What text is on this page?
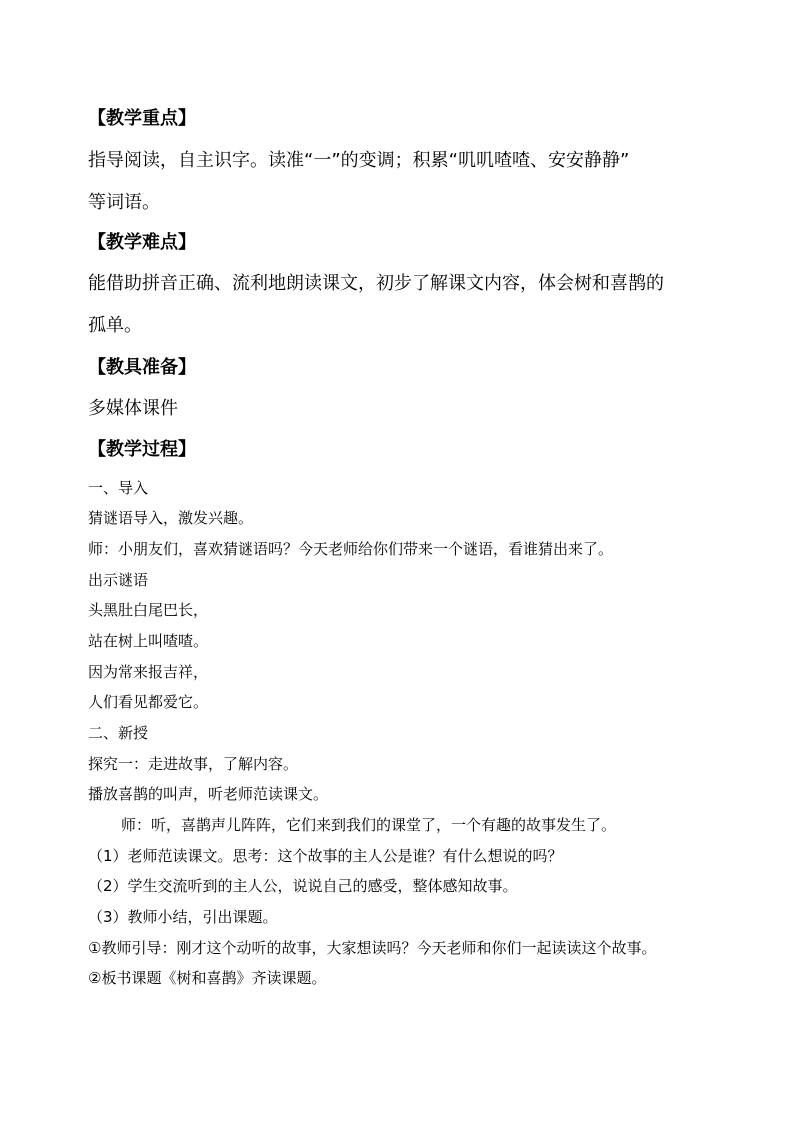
【教学重点】
指导阅读，自主识字。读准“一”的变调；积累“叽叽喳喳、安安静静”
等词语。
【教学难点】
能借助拼音正确、流利地朗读课文，初步了解课文内容，体会树和喜鹊的
孤单。
【教具准备】
多媒体课件
【教学过程】
一、导入
猜谜语导入，激发兴趣。
师：小朋友们，喜欢猜谜语吗？今天老师给你们带来一个谜语，看谁猜出来了。
出示谜语
头黑肚白尾巴长，
站在树上叫喳喳。
因为常来报吉祥，
人们看见都爱它。
二、新授
探究一：走进故事，了解内容。
播放喜鹊的叫声，听老师范读课文。
师：听，喜鹊声儿阵阵，它们来到我们的课堂了，一个有趣的故事发生了。
（1）老师范读课文。思考：这个故事的主人公是谁？有什么想说的吗？
（2）学生交流听到的主人公，说说自己的感受，整体感知故事。
（3）教师小结，引出课题。
①教师引导：刚才这个动听的故事，大家想读吗？今天老师和你们一起读读这个故事。
②板书课题《树和喜鹊》齐读课题。
